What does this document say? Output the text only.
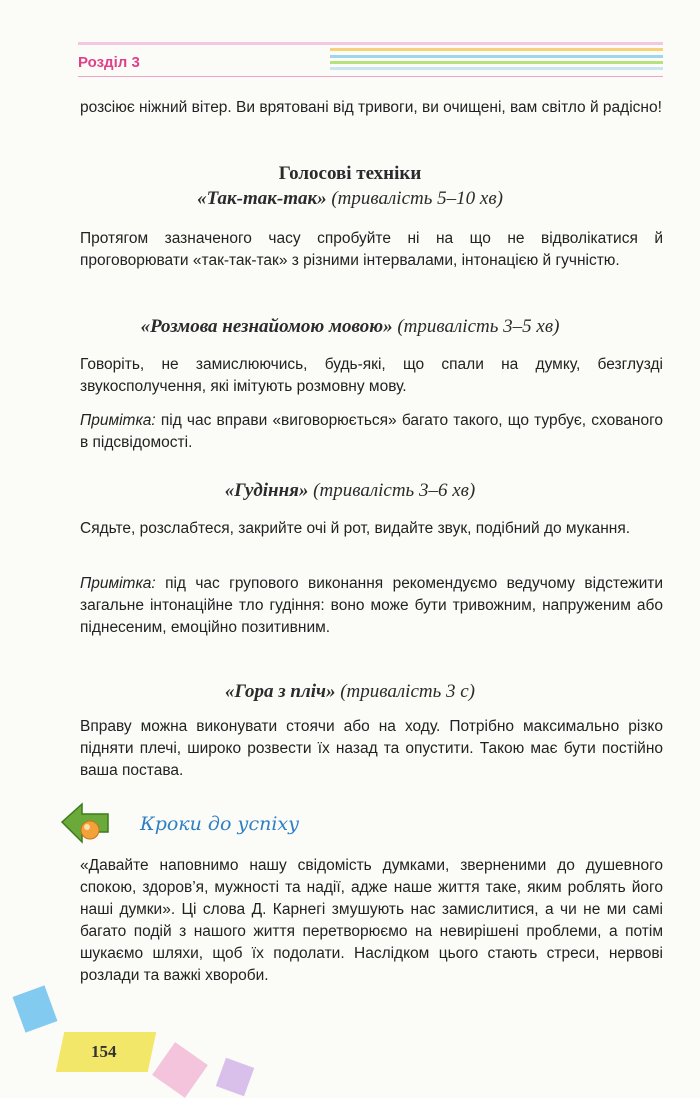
Розділ 3
розсіює ніжний вітер. Ви врятовані від тривоги, ви очищені, вам світло й радісно!
Голосові техніки
«Так-так-так» (тривалість 5–10 хв)
Протягом зазначеного часу спробуйте ні на що не відволікатися й проговорювати «так-так-так» з різними інтервалами, інтонацією й гучністю.
«Розмова незнайомою мовою» (тривалість 3–5 хв)
Говоріть, не замислюючись, будь-які, що спали на думку, безглузді звукосполучення, які імітують розмовну мову.
Примітка: під час вправи «виговорюється» багато такого, що турбує, схованого в підсвідомості.
«Гудіння» (тривалість 3–6 хв)
Сядьте, розслабтеся, закрийте очі й рот, видайте звук, подібний до мукання.
Примітка: під час групового виконання рекомендуємо ведучому відстежити загальне інтонаційне тло гудіння: воно може бути тривожним, напруженим або піднесеним, емоційно позитивним.
«Гора з пліч» (тривалість 3 с)
Вправу можна виконувати стоячи або на ходу. Потрібно максимально різко підняти плечі, широко розвести їх назад та опустити. Такою має бути постійно ваша постава.
Кроки до успіху
«Давайте наповнимо нашу свідомість думками, зверненими до душевного спокою, здоров’я, мужності та надії, адже наше життя таке, яким роблять його наші думки». Ці слова Д. Карнегі змушують нас замислитися, а чи не ми самі багато подій з нашого життя перетворюємо на невирішені проблеми, а потім шукаємо шляхи, щоб їх подолати. Наслідком цього стають стреси, нервові розлади та важкі хвороби.
154
